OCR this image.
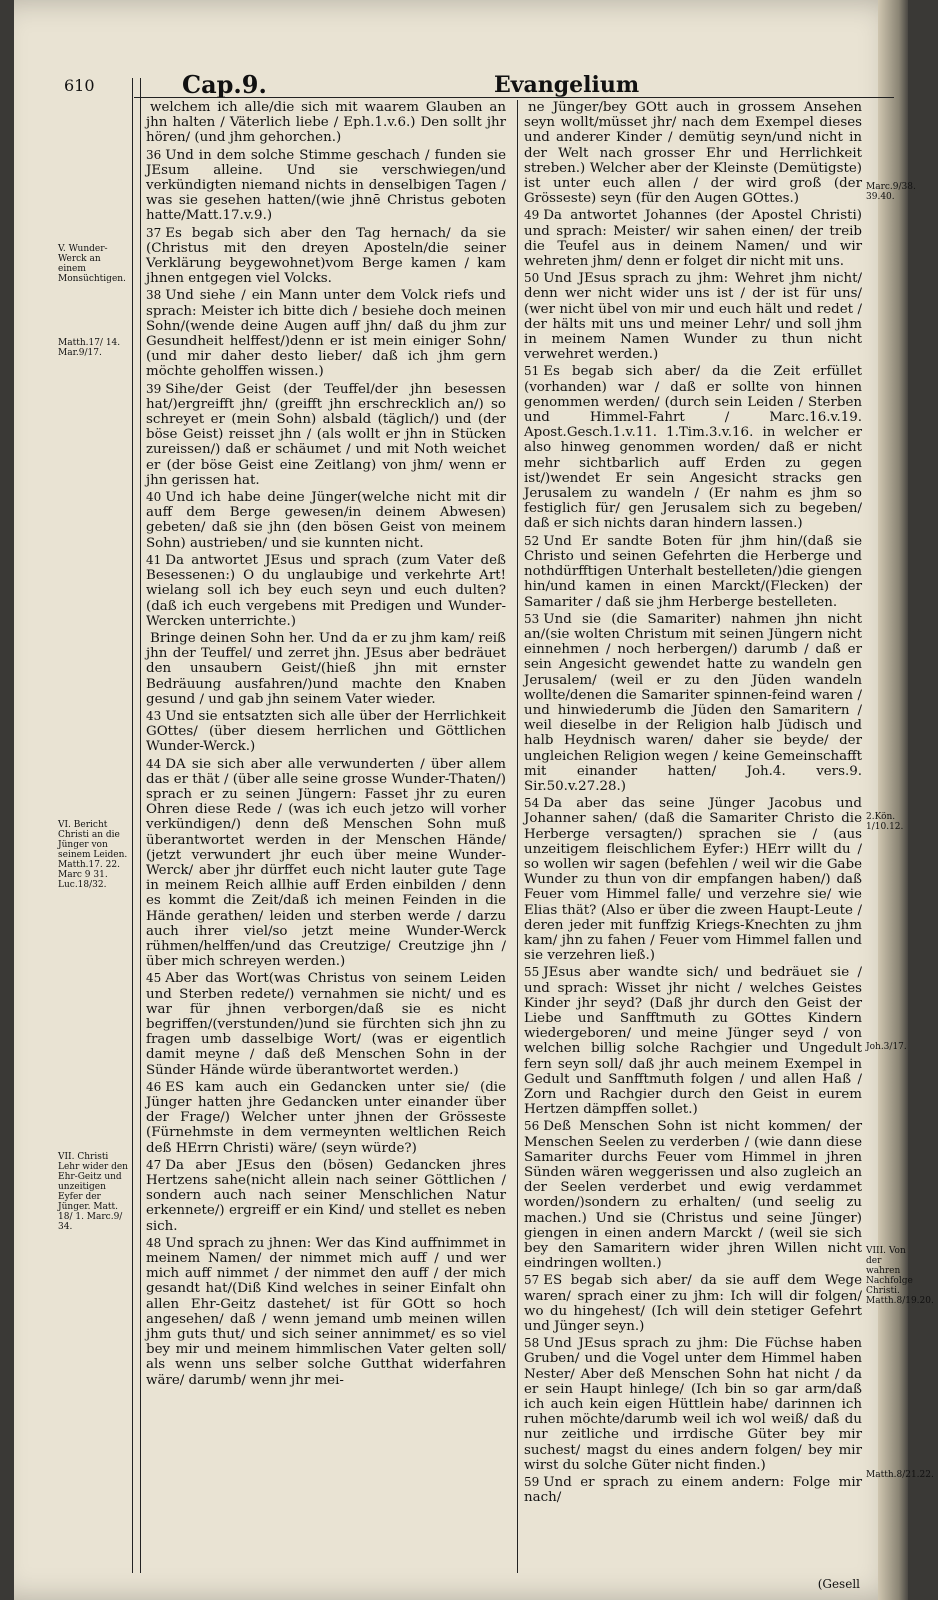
610	Cap.9.	Evangelium
V. Wunder-Werck an einem Monsüchtigen.
Matth.17/ 14. Mar.9/17.
VI. Bericht Christi an die Jünger von seinem Leiden. Matth.17. 22. Marc 9 31. Luc.18/32.
VII. Christi Lehr wider den Ehr-Geitz und unzeitigen Eyfer der Jünger. Matt. 18/ 1. Marc.9/ 34.
Marc.9/38. 39.40.
2.Kön. 1/10.12.
Joh.3/17.
VIII. Von der wahren Nachfolge Christi. Matth.8/19.20.
Matth.8/21.22.

welchem ich alle/die sich mit waarem Glauben an jhn halten / Väterlich liebe / Eph.1.v.6.) Den sollt jhr hören/ (und jhm gehorchen.)

36 Und in dem solche Stimme geschach / funden sie JEsum alleine. Und sie verschwiegen/und verkündigten niemand nichts in denselbigen Tagen / was sie gesehen hatten/(wie jhnē Christus geboten hatte/Matt.17.v.9.)

37 Es begab sich aber den Tag hernach/ da sie (Christus mit den dreyen Aposteln/die seiner Verklärung beygewohnet)vom Berge kamen / kam jhnen entgegen viel Volcks.

38 Und siehe / ein Mann unter dem Volck riefs und sprach: Meister ich bitte dich / besiehe doch meinen Sohn/(wende deine Augen auff jhn/ daß du jhm zur Gesundheit helffest/)denn er ist mein einiger Sohn/ (und mir daher desto lieber/ daß ich jhm gern möchte geholffen wissen.)

39 Sihe/der Geist (der Teuffel/der jhn besessen hat/)ergreifft jhn/ (greifft jhn erschrecklich an/) so schreyet er (mein Sohn) alsbald (täglich/) und (der böse Geist) reisset jhn / (als wollt er jhn in Stücken zureissen/) daß er schäumet / und mit Noth weichet er (der böse Geist eine Zeitlang) von jhm/ wenn er jhn gerissen hat.

40 Und ich habe deine Jünger(welche nicht mit dir auff dem Berge gewesen/in deinem Abwesen) gebeten/ daß sie jhn (den bösen Geist von meinem Sohn) austrieben/ und sie kunnten nicht.

41 Da antwortet JEsus und sprach (zum Vater deß Besessenen:) O du unglaubige und verkehrte Art! wielang soll ich bey euch seyn und euch dulten? (daß ich euch vergebens mit Predigen und Wunder-Wercken unterrichte.)

Bringe deinen Sohn her. Und da er zu jhm kam/ reiß jhn der Teuffel/ und zerret jhn. JEsus aber bedräuet den unsaubern Geist/(hieß jhn mit ernster Bedräuung ausfahren/)und machte den Knaben gesund / und gab jhn seinem Vater wieder.

43 Und sie entsatzten sich alle über der Herrlichkeit GOttes/ (über diesem herrlichen und Göttlichen Wunder-Werck.)

44 DA sie sich aber alle verwunderten / über allem das er thät / (über alle seine grosse Wunder-Thaten/) sprach er zu seinen Jüngern: Fasset jhr zu euren Ohren diese Rede / (was ich euch jetzo will vorher verkündigen/) denn deß Menschen Sohn muß überantwortet werden in der Menschen Hände/ (jetzt verwundert jhr euch über meine Wunder-Werck/ aber jhr dürffet euch nicht lauter gute Tage in meinem Reich allhie auff Erden einbilden / denn es kommt die Zeit/daß ich meinen Feinden in die Hände gerathen/ leiden und sterben werde / darzu auch ihrer viel/so jetzt meine Wunder-Werck rühmen/helffen/und das Creutzige/ Creutzige jhn / über mich schreyen werden.)

45 Aber das Wort(was Christus von seinem Leiden und Sterben redete/) vernahmen sie nicht/ und es war für jhnen verborgen/daß sie es nicht begriffen/(verstunden/)und sie fürchten sich jhn zu fragen umb dasselbige Wort/ (was er eigentlich damit meyne / daß deß Menschen Sohn in der Sünder Hände würde überantwortet werden.)

46 ES kam auch ein Gedancken unter sie/ (die Jünger hatten jhre Gedancken unter einander über der Frage/) Welcher unter jhnen der Grösseste (Fürnehmste in dem vermeynten weltlichen Reich deß HErrn Christi) wäre/ (seyn würde?)

47 Da aber JEsus den (bösen) Gedancken jhres Hertzens sahe(nicht allein nach seiner Göttlichen / sondern auch nach seiner Menschlichen Natur erkennete/) ergreiff er ein Kind/ und stellet es neben sich.

48 Und sprach zu jhnen: Wer das Kind auffnimmet in meinem Namen/ der nimmet mich auff / und wer mich auff nimmet / der nimmet den auff / der mich gesandt hat/(Diß Kind welches in seiner Einfalt ohn allen Ehr-Geitz dastehet/ ist für GOtt so hoch angesehen/ daß / wenn jemand umb meinen willen jhm guts thut/ und sich seiner annimmet/ es so viel bey mir und meinem himmlischen Vater gelten soll/ als wenn uns selber solche Gutthat widerfahren wäre/ darumb/ wenn jhr mei-

ne Jünger/bey GOtt auch in grossem Ansehen seyn wollt/müsset jhr/ nach dem Exempel dieses und anderer Kinder / demütig seyn/und nicht in der Welt nach grosser Ehr und Herrlichkeit streben.) Welcher aber der Kleinste (Demütigste) ist unter euch allen / der wird groß (der Grösseste) seyn (für den Augen GOttes.)

49 Da antwortet Johannes (der Apostel Christi) und sprach: Meister/ wir sahen einen/ der treib die Teufel aus in deinem Namen/ und wir wehreten jhm/ denn er folget dir nicht mit uns.

50 Und JEsus sprach zu jhm: Wehret jhm nicht/ denn wer nicht wider uns ist / der ist für uns/ (wer nicht übel von mir und euch hält und redet / der hälts mit uns und meiner Lehr/ und soll jhm in meinem Namen Wunder zu thun nicht verwehret werden.)

51 Es begab sich aber/ da die Zeit erfüllet (vorhanden) war / daß er sollte von hinnen genommen werden/ (durch sein Leiden / Sterben und Himmel-Fahrt / Marc.16.v.19. Apost.Gesch.1.v.11. 1.Tim.3.v.16. in welcher er also hinweg genommen worden/ daß er nicht mehr sichtbarlich auff Erden zu gegen ist/)wendet Er sein Angesicht stracks gen Jerusalem zu wandeln / (Er nahm es jhm so festiglich für/ gen Jerusalem sich zu begeben/ daß er sich nichts daran hindern lassen.)

52 Und Er sandte Boten für jhm hin/(daß sie Christo und seinen Gefehrten die Herberge und nothdürfftigen Unterhalt bestelleten/)die giengen hin/und kamen in einen Marckt/(Flecken) der Samariter / daß sie jhm Herberge bestelleten.

53 Und sie (die Samariter) nahmen jhn nicht an/(sie wolten Christum mit seinen Jüngern nicht einnehmen / noch herbergen/) darumb / daß er sein Angesicht gewendet hatte zu wandeln gen Jerusalem/ (weil er zu den Jüden wandeln wollte/denen die Samariter spinnen-feind waren / und hinwiederumb die Jüden den Samaritern / weil dieselbe in der Religion halb Jüdisch und halb Heydnisch waren/ daher sie beyde/ der ungleichen Religion wegen / keine Gemeinschafft mit einander hatten/ Joh.4. vers.9. Sir.50.v.27.28.)

54 Da aber das seine Jünger Jacobus und Johanner sahen/ (daß die Samariter Christo die Herberge versagten/) sprachen sie / (aus unzeitigem fleischlichem Eyfer:) HErr willt du / so wollen wir sagen (befehlen / weil wir die Gabe Wunder zu thun von dir empfangen haben/) daß Feuer vom Himmel falle/ und verzehre sie/ wie Elias thät? (Also er über die zween Haupt-Leute / deren jeder mit funffzig Kriegs-Knechten zu jhm kam/ jhn zu fahen / Feuer vom Himmel fallen und sie verzehren ließ.)

55 JEsus aber wandte sich/ und bedräuet sie / und sprach: Wisset jhr nicht / welches Geistes Kinder jhr seyd? (Daß jhr durch den Geist der Liebe und Sanfftmuth zu GOttes Kindern wiedergeboren/ und meine Jünger seyd / von welchen billig solche Rachgier und Ungedult fern seyn soll/ daß jhr auch meinem Exempel in Gedult und Sanfftmuth folgen / und allen Haß / Zorn und Rachgier durch den Geist in eurem Hertzen dämpffen sollet.)

56 Deß Menschen Sohn ist nicht kommen/ der Menschen Seelen zu verderben / (wie dann diese Samariter durchs Feuer vom Himmel in jhren Sünden wären weggerissen und also zugleich an der Seelen verderbet und ewig verdammet worden/)sondern zu erhalten/ (und seelig zu machen.) Und sie (Christus und seine Jünger) giengen in einen andern Marckt / (weil sie sich bey den Samaritern wider jhren Willen nicht eindringen wollten.)

57 ES begab sich aber/ da sie auff dem Wege waren/ sprach einer zu jhm: Ich will dir folgen/ wo du hingehest/ (Ich will dein stetiger Gefehrt und Jünger seyn.)

58 Und JEsus sprach zu jhm: Die Füchse haben Gruben/ und die Vogel unter dem Himmel haben Nester/ Aber deß Menschen Sohn hat nicht / da er sein Haupt hinlege/ (Ich bin so gar arm/daß ich auch kein eigen Hüttlein habe/ darinnen ich ruhen möchte/darumb weil ich wol weiß/ daß du nur zeitliche und irrdische Güter bey mir suchest/ magst du eines andern folgen/ bey mir wirst du solche Güter nicht finden.)

59 Und er sprach zu einem andern: Folge mir nach/

(Gesell
